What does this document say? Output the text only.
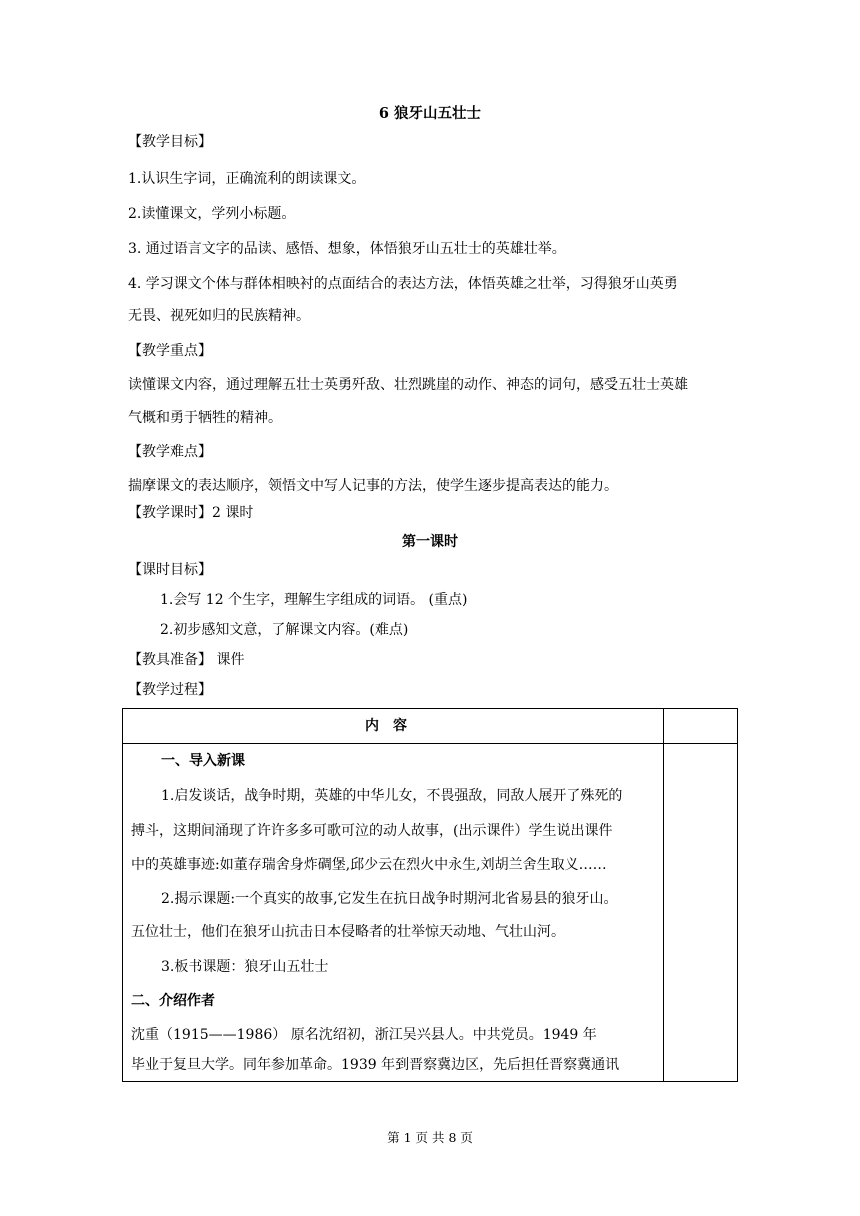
6 狼牙山五壮士
【教学目标】
1.认识生字词，正确流利的朗读课文。
2.读懂课文，学列小标题。
3. 通过语言文字的品读、感悟、想象，体悟狼牙山五壮士的英雄壮举。
4. 学习课文个体与群体相映衬的点面结合的表达方法，体悟英雄之壮举，习得狼牙山英勇
无畏、视死如归的民族精神。
【教学重点】
读懂课文内容，通过理解五壮士英勇歼敌、壮烈跳崖的动作、神态的词句，感受五壮士英雄
气概和勇于牺牲的精神。
【教学难点】
揣摩课文的表达顺序，领悟文中写人记事的方法，使学生逐步提高表达的能力。
【教学课时】2 课时
第一课时
【课时目标】
1.会写 12 个生字，理解生字组成的词语。 (重点)
2.初步感知文意，了解课文内容。(难点)
【教具准备】 课件
【教学过程】
内容
一、导入新课
1.启发谈话，战争时期，英雄的中华儿女，不畏强敌，同敌人展开了殊死的
搏斗，这期间涌现了许许多多可歌可泣的动人故事，(出示课件）学生说出课件
中的英雄事迹:如董存瑞舍身炸碉堡,邱少云在烈火中永生,刘胡兰舍生取义……
2.揭示课题:一个真实的故事,它发生在抗日战争时期河北省易县的狼牙山。
五位壮士，他们在狼牙山抗击日本侵略者的壮举惊天动地、气壮山河。
3.板书课题：狼牙山五壮士
二、介绍作者
沈重（1915——1986） 原名沈绍初，浙江吴兴县人。中共党员。1949 年
毕业于复旦大学。同年参加革命。1939 年到晋察冀边区，先后担任晋察冀通讯
第 1 页 共 8 页
